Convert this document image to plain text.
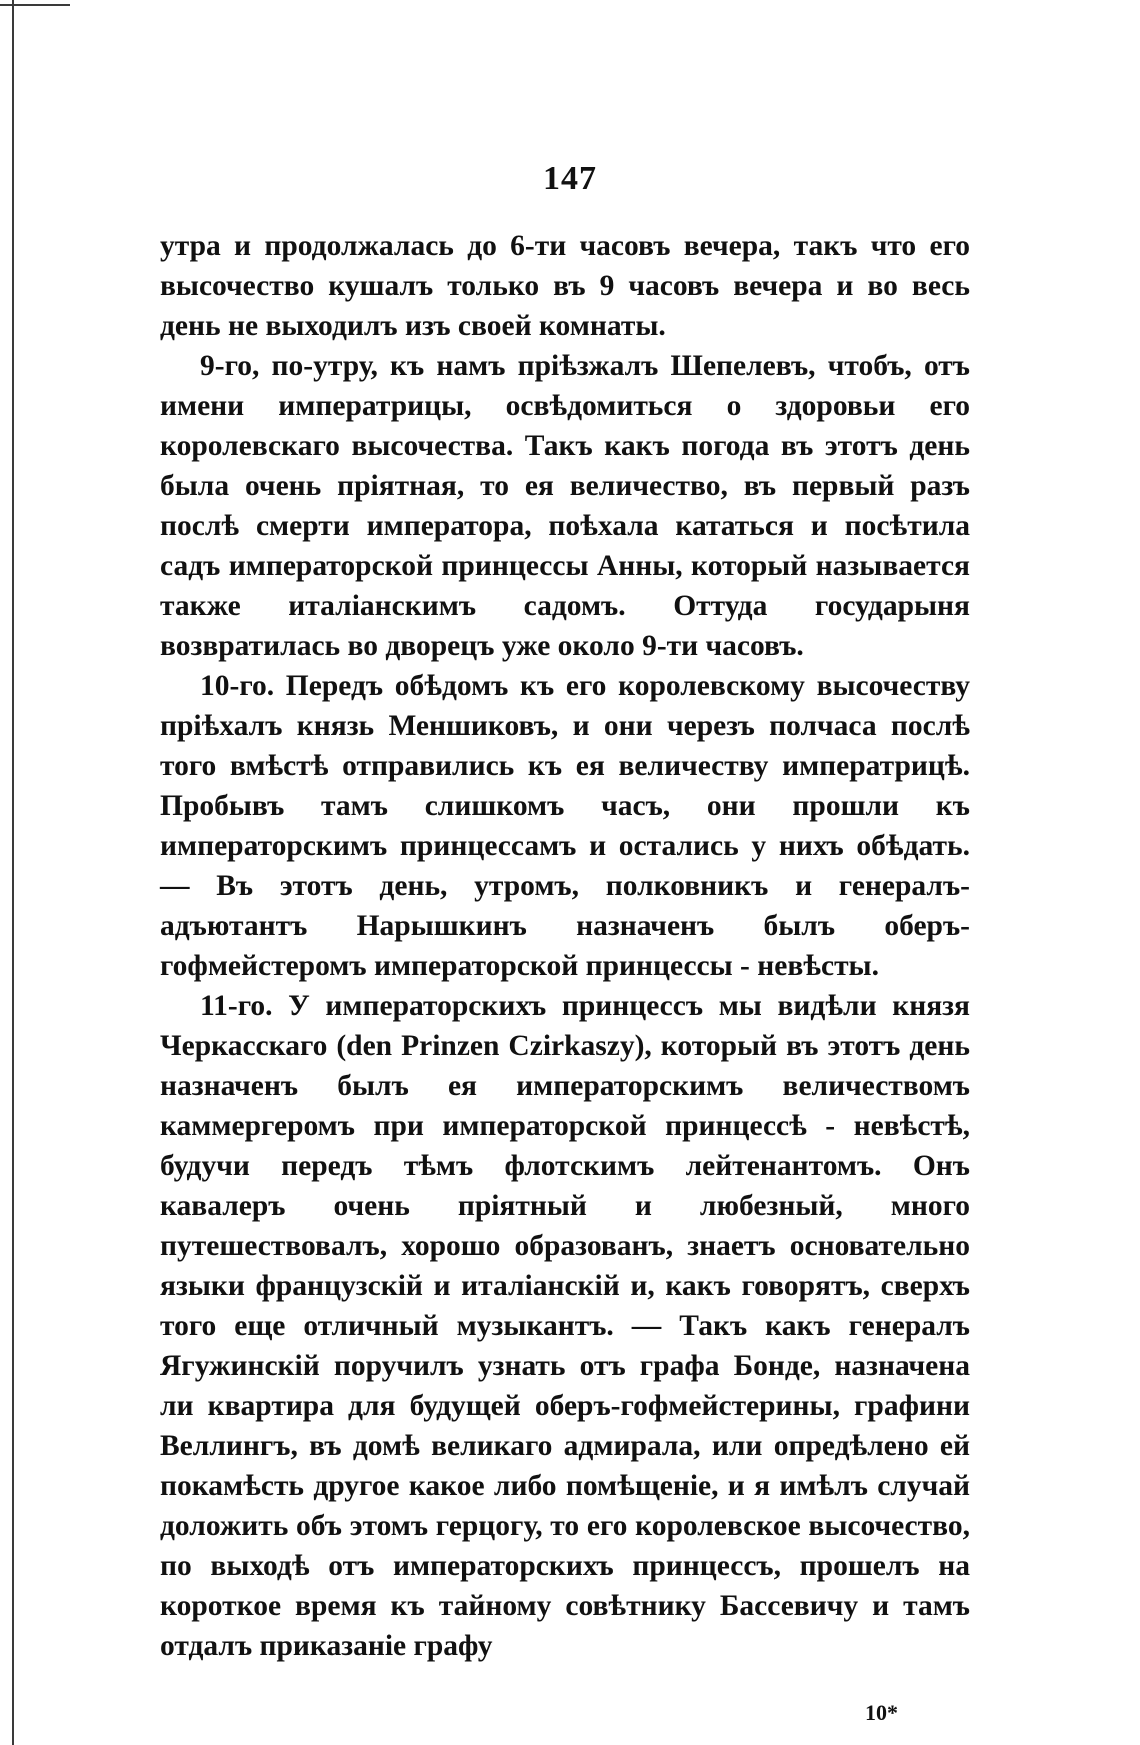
147

утра и продолжалась до 6-ти часовъ вечера, такъ что его высочество кушалъ только въ 9 часовъ вечера и во весь день не выходилъ изъ своей комнаты.

9-го, по-утру, къ намъ пріѣзжалъ Шепелевъ, чтобъ, отъ имени императрицы, освѣдомиться о здоровьи его королевскаго высочества. Такъ какъ погода въ этотъ день была очень пріятная, то ея величество, въ первый разъ послѣ смерти императора, поѣхала кататься и посѣтила садъ императорской принцессы Анны, который называется также италіанскимъ садомъ. Оттуда государыня возвратилась во дворецъ уже около 9-ти часовъ.

10-го. Передъ обѣдомъ къ его королевскому высочеству пріѣхалъ князь Меншиковъ, и они черезъ полчаса послѣ того вмѣстѣ отправились къ ея величеству императрицѣ. Пробывъ тамъ слишкомъ часъ, они прошли къ императорскимъ принцессамъ и остались у нихъ обѣдать. — Въ этотъ день, утромъ, полковникъ и генералъ-адъютантъ Нарышкинъ назначенъ былъ оберъ-гофмейстеромъ императорской принцессы - невѣсты.

11-го. У императорскихъ принцессъ мы видѣли князя Черкасскаго (den Prinzen Czirkaszy), который въ этотъ день назначенъ былъ ея императорскимъ величествомъ каммергеромъ при императорской принцессѣ - невѣстѣ, будучи передъ тѣмъ флотскимъ лейтенантомъ. Онъ кавалеръ очень пріятный и любезный, много путешествовалъ, хорошо образованъ, знаетъ основательно языки французскій и италіанскій и, какъ говорятъ, сверхъ того еще отличный музыкантъ. — Такъ какъ генералъ Ягужинскій поручилъ узнать отъ графа Бонде, назначена ли квартира для будущей оберъ-гофмейстерины, графини Веллингъ, въ домѣ великаго адмирала, или опредѣлено ей покамѣсть другое какое либо помѣщеніе, и я имѣлъ случай доложить объ этомъ герцогу, то его королевское высочество, по выходѣ отъ императорскихъ принцессъ, прошелъ на короткое время къ тайному совѣтнику Бассевичу и тамъ отдалъ приказаніе графу

10*
